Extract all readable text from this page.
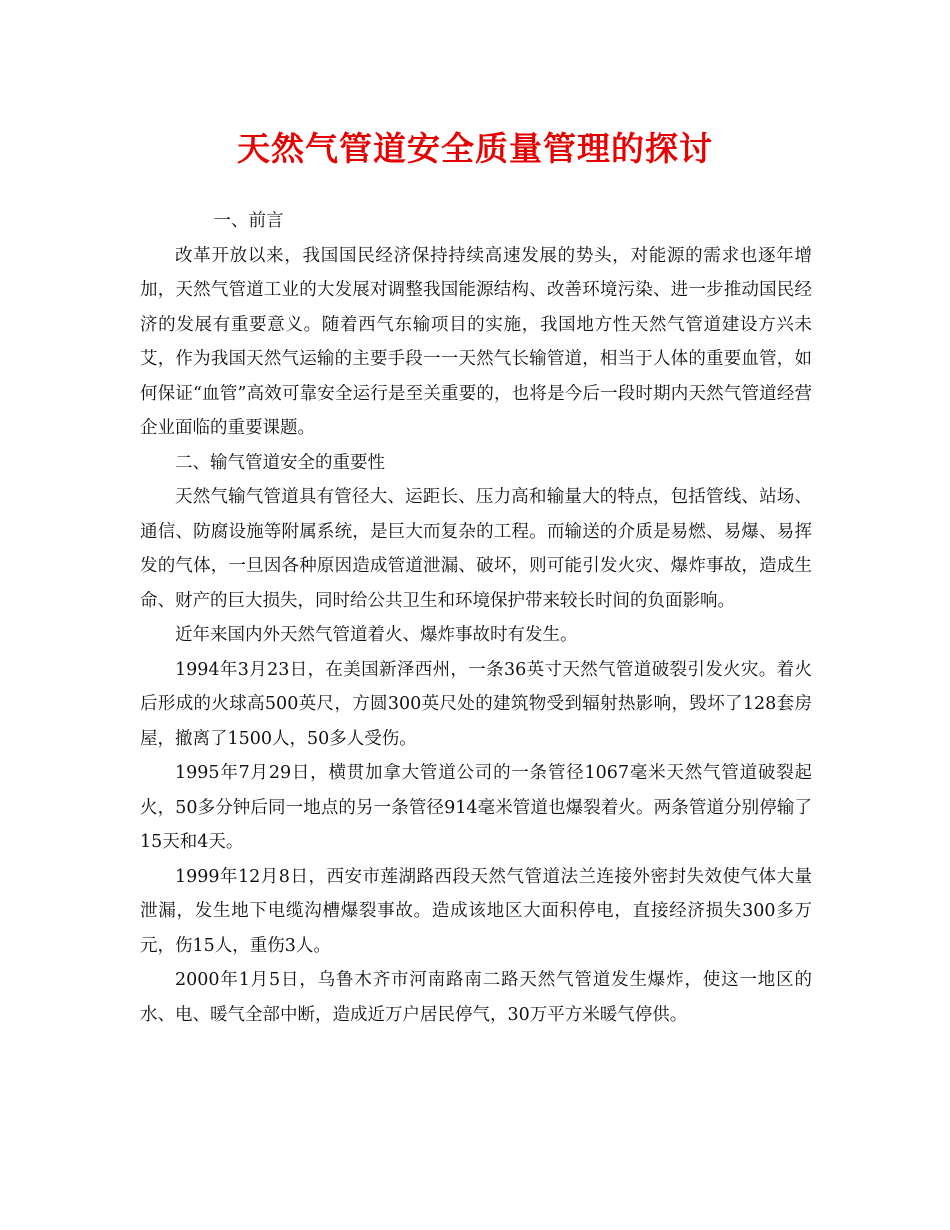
天然气管道安全质量管理的探讨

一、前言

改革开放以来，我国国民经济保持持续高速发展的势头，对能源的需求也逐年增加，天然气管道工业的大发展对调整我国能源结构、改善环境污染、进一步推动国民经济的发展有重要意义。随着西气东输项目的实施，我国地方性天然气管道建设方兴未艾，作为我国天然气运输的主要手段一一天然气长输管道，相当于人体的重要血管，如何保证“血管”高效可靠安全运行是至关重要的，也将是今后一段时期内天然气管道经营企业面临的重要课题。

二、输气管道安全的重要性

天然气输气管道具有管径大、运距长、压力高和输量大的特点，包括管线、站场、通信、防腐设施等附属系统，是巨大而复杂的工程。而输送的介质是易燃、易爆、易挥发的气体，一旦因各种原因造成管道泄漏、破坏，则可能引发火灾、爆炸事故，造成生命、财产的巨大损失，同时给公共卫生和环境保护带来较长时间的负面影响。

近年来国内外天然气管道着火、爆炸事故时有发生。

1994年3月23日，在美国新泽西州，一条36英寸天然气管道破裂引发火灾。着火后形成的火球高500英尺，方圆300英尺处的建筑物受到辐射热影响，毁坏了128套房屋，撤离了1500人，50多人受伤。

1995年7月29日，横贯加拿大管道公司的一条管径1067毫米天然气管道破裂起火，50多分钟后同一地点的另一条管径914毫米管道也爆裂着火。两条管道分别停输了15天和4天。

1999年12月8日，西安市莲湖路西段天然气管道法兰连接外密封失效使气体大量泄漏，发生地下电缆沟槽爆裂事故。造成该地区大面积停电，直接经济损失300多万元，伤15人，重伤3人。

2000年1月5日，乌鲁木齐市河南路南二路天然气管道发生爆炸，使这一地区的水、电、暖气全部中断，造成近万户居民停气，30万平方米暖气停供。
